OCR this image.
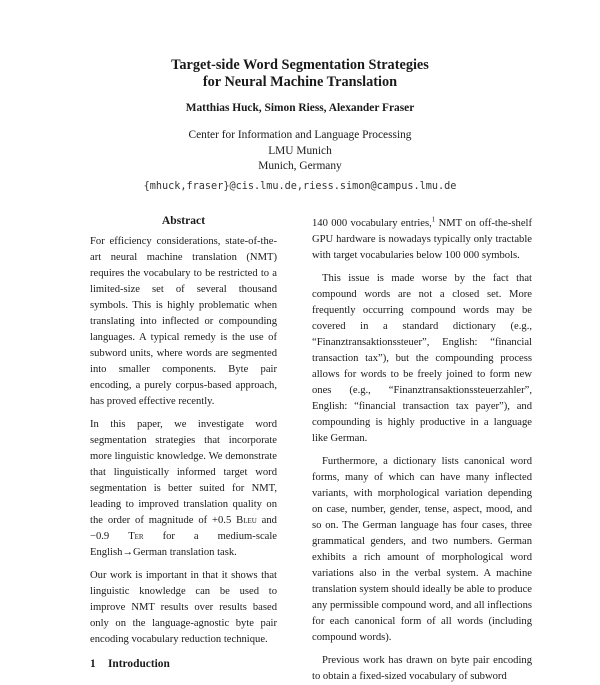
Target-side Word Segmentation Strategies
for Neural Machine Translation
Matthias Huck, Simon Riess, Alexander Fraser
Center for Information and Language Processing
LMU Munich
Munich, Germany
{mhuck,fraser}@cis.lmu.de,riess.simon@campus.lmu.de
Abstract

For efficiency considerations, state-of-the-art neural machine translation (NMT) requires the vocabulary to be restricted to a limited-size set of several thousand symbols. This is highly problematic when translating into inflected or compounding languages. A typical remedy is the use of subword units, where words are segmented into smaller components. Byte pair encoding, a purely corpus-based approach, has proved effective recently.

In this paper, we investigate word segmentation strategies that incorporate more linguistic knowledge. We demonstrate that linguistically informed target word segmentation is better suited for NMT, leading to improved translation quality on the order of magnitude of +0.5 Bleu and −0.9 Ter for a medium-scale English→German translation task.

Our work is important in that it shows that linguistic knowledge can be used to improve NMT results over results based only on the language-agnostic byte pair encoding vocabulary reduction technique.

1 Introduction

140 000 vocabulary entries,$^1$ NMT on off-the-shelf GPU hardware is nowadays typically only tractable with target vocabularies below 100 000 symbols.

This issue is made worse by the fact that compound words are not a closed set. More frequently occurring compound words may be covered in a standard dictionary (e.g., “Finanztransaktionssteuer”, English: “financial transaction tax”), but the compounding process allows for words to be freely joined to form new ones (e.g., “Finanztransaktionssteuerzahler”, English: “financial transaction tax payer”), and compounding is highly productive in a language like German.

Furthermore, a dictionary lists canonical word forms, many of which can have many inflected variants, with morphological variation depending on case, number, gender, tense, aspect, mood, and so on. The German language has four cases, three grammatical genders, and two numbers. German exhibits a rich amount of morphological word variations also in the verbal system. A machine translation system should ideally be able to produce any permissible compound word, and all inflections for each canonical form of all words (including compound words).

Previous work has drawn on byte pair encoding to obtain a fixed-sized vocabulary of subword
